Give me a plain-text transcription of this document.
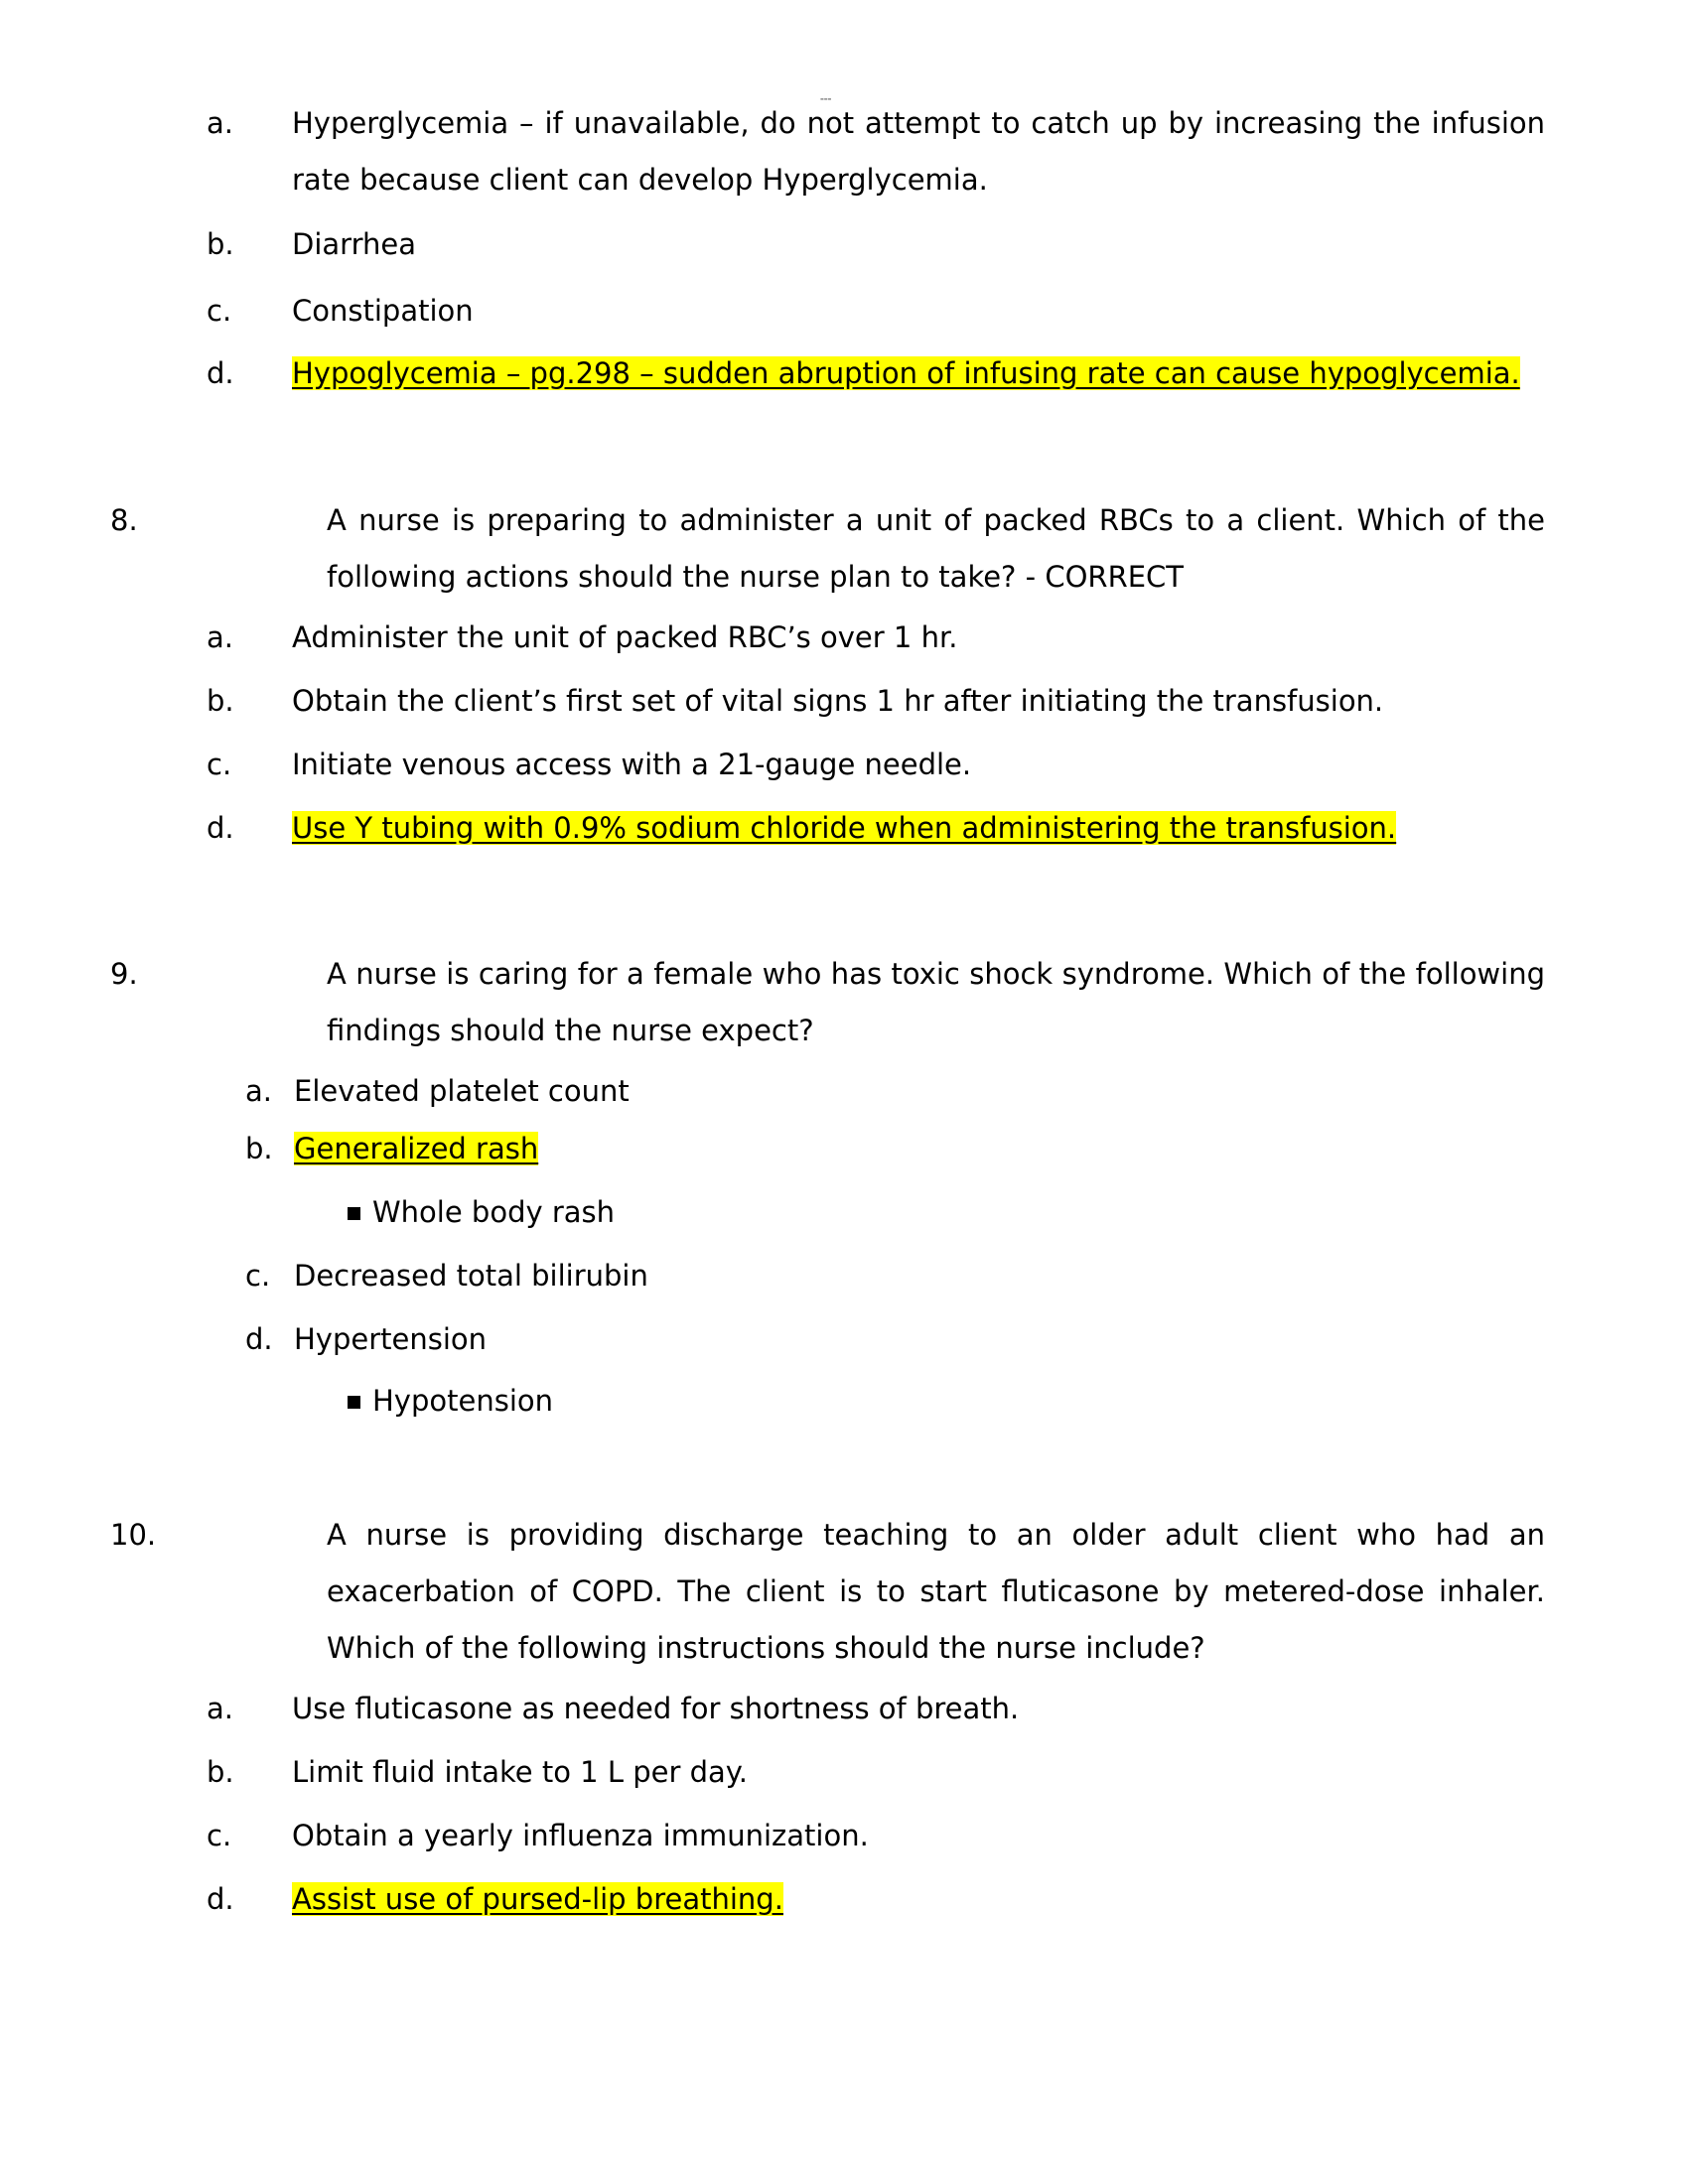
▬▬▬
a. Hyperglycemia – if unavailable, do not attempt to catch up by increasing the infusion rate because client can develop Hyperglycemia.
b. Diarrhea
c. Constipation
d. Hypoglycemia – pg.298 – sudden abruption of infusing rate can cause hypoglycemia.
8.	A nurse is preparing to administer a unit of packed RBCs to a client. Which of the following actions should the nurse plan to take? - CORRECT
a. Administer the unit of packed RBC’s over 1 hr.
b. Obtain the client’s first set of vital signs 1 hr after initiating the transfusion.
c. Initiate venous access with a 21-gauge needle.
d. Use Y tubing with 0.9% sodium chloride when administering the transfusion.
9.	A nurse is caring for a female who has toxic shock syndrome. Which of the following findings should the nurse expect?
a. Elevated platelet count
b. Generalized rash
Whole body rash
c. Decreased total bilirubin
d. Hypertension
Hypotension
10.	A nurse is providing discharge teaching to an older adult client who had an exacerbation of COPD. The client is to start fluticasone by metered-dose inhaler. Which of the following instructions should the nurse include?
a. Use fluticasone as needed for shortness of breath.
b. Limit fluid intake to 1 L per day.
c. Obtain a yearly influenza immunization.
d. Assist use of pursed-lip breathing.
